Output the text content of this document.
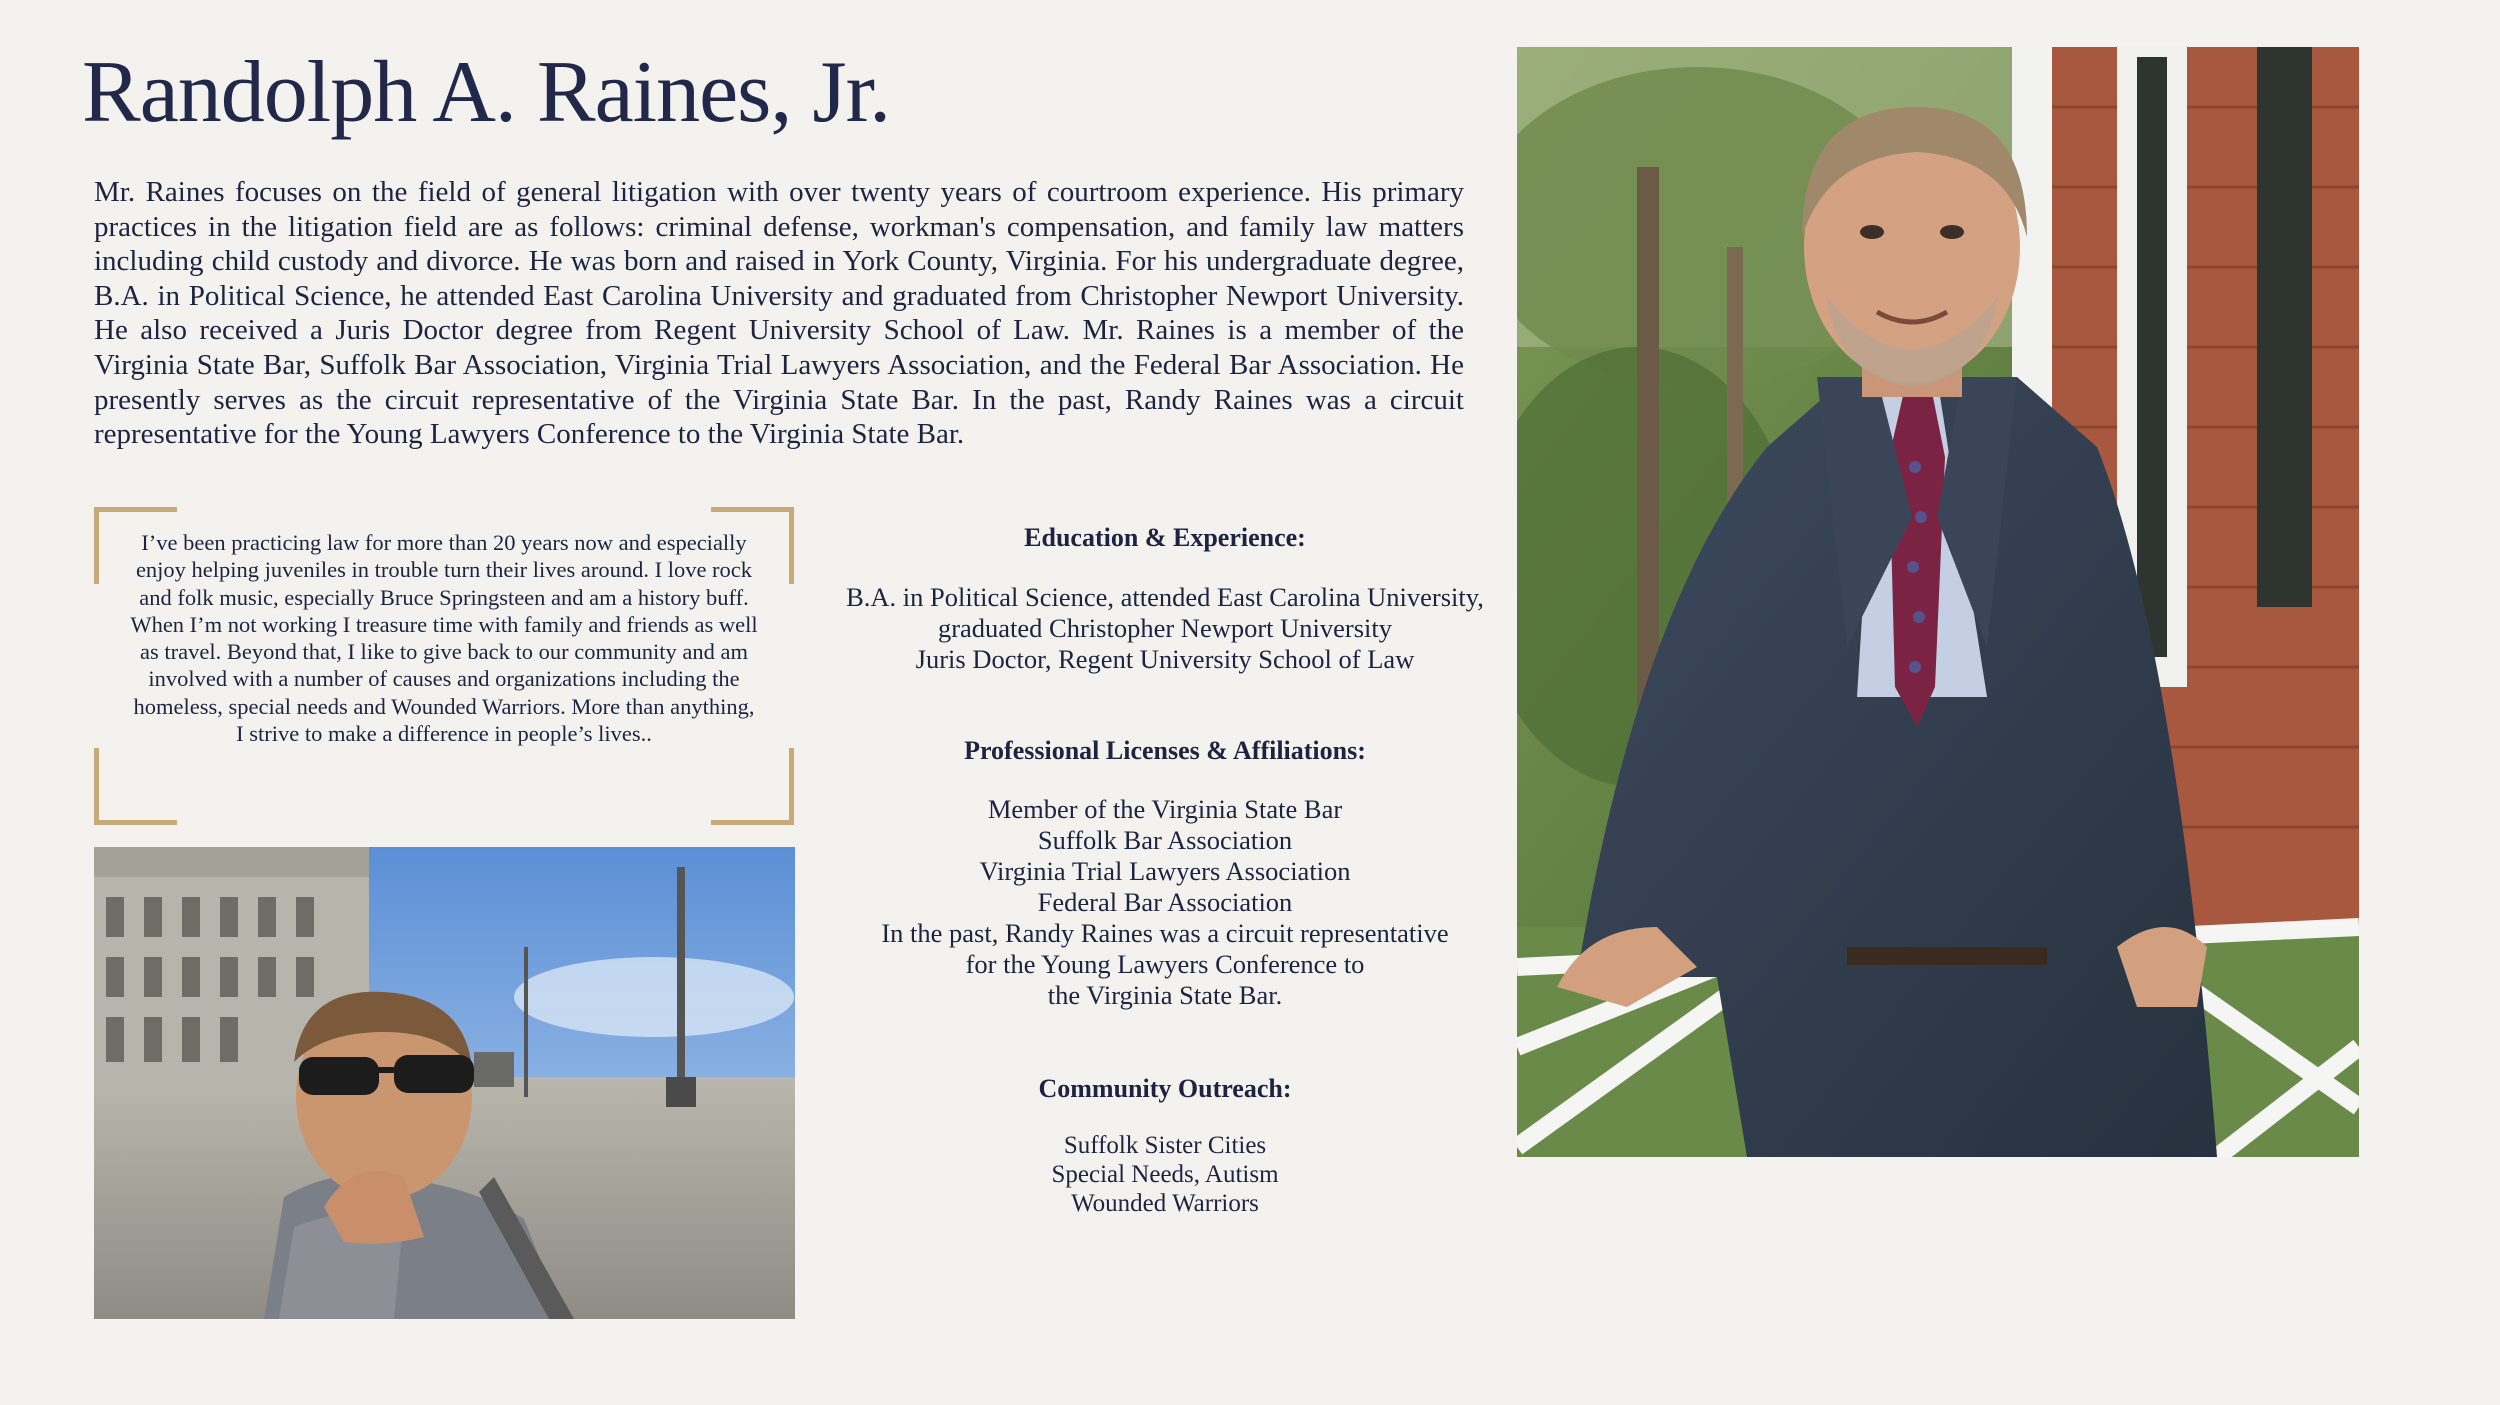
Randolph A. Raines, Jr.

Mr. Raines focuses on the field of general litigation with over twenty years of courtroom experience. His primary practices in the litigation field are as follows: criminal defense, workman's compensation, and family law matters including child custody and divorce. He was born and raised in York County, Virginia. For his undergraduate degree, B.A. in Political Science, he attended East Carolina University and graduated from Christopher Newport University. He also received a Juris Doctor degree from Regent University School of Law. Mr. Raines is a member of the Virginia State Bar, Suffolk Bar Association, Virginia Trial Lawyers Association, and the Federal Bar Association. He presently serves as the circuit representative of the Virginia State Bar. In the past, Randy Raines was a circuit representative for the Young Lawyers Conference to the Virginia State Bar.

I’ve been practicing law for more than 20 years now and especially enjoy helping juveniles in trouble turn their lives around. I love rock and folk music, especially Bruce Springsteen and am a history buff. When I’m not working I treasure time with family and friends as well as travel. Beyond that, I like to give back to our community and am involved with a number of causes and organizations including the homeless, special needs and Wounded Warriors. More than anything, I strive to make a difference in people’s lives..

Education & Experience:

B.A. in Political Science, attended East Carolina University,

graduated Christopher Newport University

Juris Doctor, Regent University School of Law

Professional Licenses & Affiliations:

Member of the Virginia State Bar

Suffolk Bar Association

Virginia Trial Lawyers Association

Federal Bar Association

In the past, Randy Raines was a circuit representative

for the Young Lawyers Conference to

the Virginia State Bar.

Community Outreach:

Suffolk Sister Cities

Special Needs, Autism

Wounded Warriors
